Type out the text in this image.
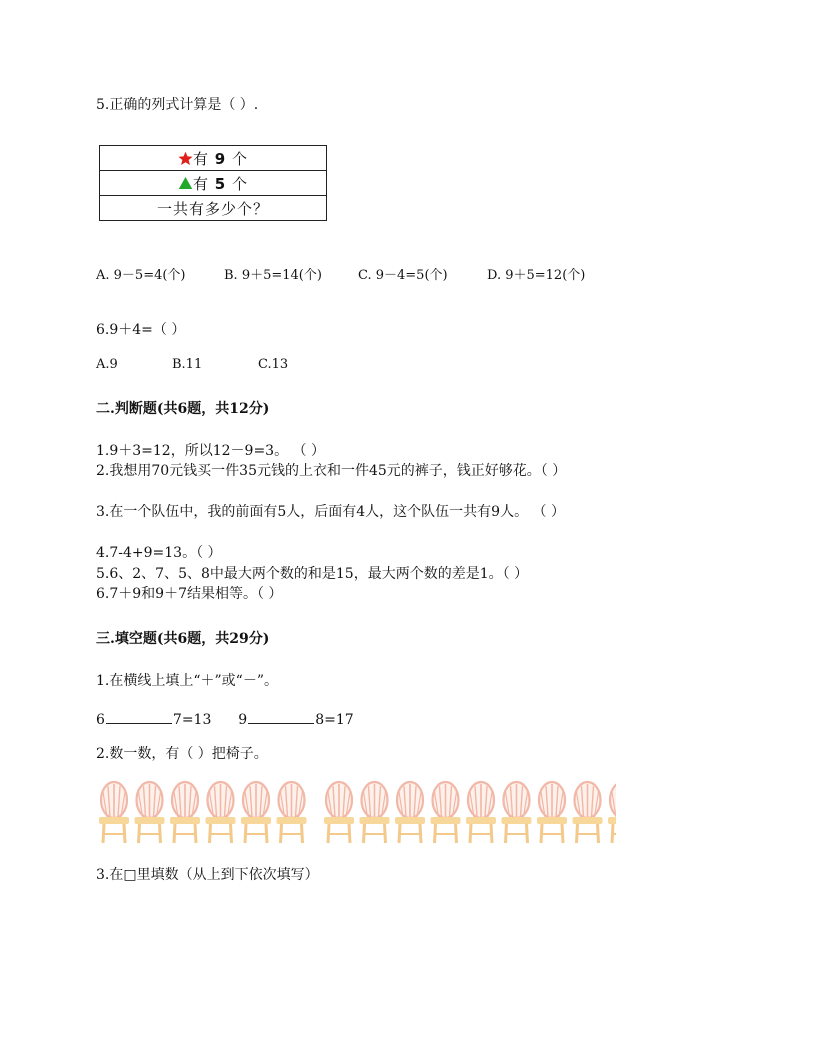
5.正确的列式计算是（ ）.
有 9 个
有 5 个
一共有多少个？
A. 9－5=4(个)	B. 9＋5=14(个)	C. 9－4=5(个)	D. 9＋5=12(个)
6.9＋4=（ ）
A.9	B.11	C.13
二.判断题(共6题，共12分)
1.9＋3=12，所以12－9=3。 （ ）
2.我想用70元钱买一件35元钱的上衣和一件45元的裤子，钱正好够花。（ ）
3.在一个队伍中，我的前面有5人，后面有4人，这个队伍一共有9人。 （ ）
4.7-4+9=13。（ ）
5.6、2、7、5、8中最大两个数的和是15，最大两个数的差是1。（ ）
6.7＋9和9＋7结果相等。（ ）
三.填空题(共6题，共29分)
1.在横线上填上“＋”或“－”。
6	7=13 9	8=17
2.数一数，有（ ）把椅子。
3.在□里填数（从上到下依次填写）
